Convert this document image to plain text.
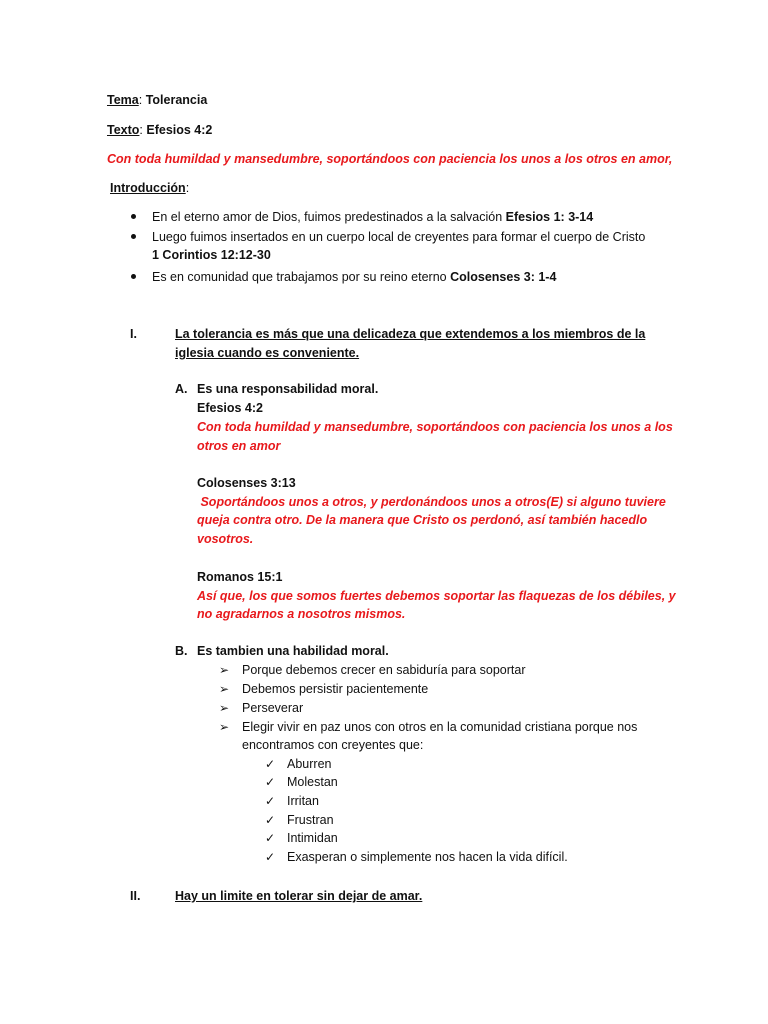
Tema: Tolerancia
Texto: Efesios 4:2
Con toda humildad y mansedumbre, soportándoos con paciencia los unos a los otros en amor,
Introducción:
En el eterno amor de Dios, fuimos predestinados a la salvación Efesios 1: 3-14
Luego fuimos insertados en un cuerpo local de creyentes para formar el cuerpo de Cristo
1 Corintios 12:12-30
Es en comunidad que trabajamos por su reino eterno Colosenses 3: 1-4
I.	La tolerancia es más que una delicadeza que extendemos a los miembros de la
iglesia cuando es conveniente.
A. Es una responsabilidad moral.
Efesios 4:2
Con toda humildad y mansedumbre, soportándoos con paciencia los unos a los
otros en amor
Colosenses 3:13
Soportándoos unos a otros, y perdonándoos unos a otros(E) si alguno tuviere
queja contra otro. De la manera que Cristo os perdonó, así también hacedlo
vosotros.
Romanos 15:1
Así que, los que somos fuertes debemos soportar las flaquezas de los débiles, y
no agradarnos a nosotros mismos.
B. Es tambien una habilidad moral.
➢ Porque debemos crecer en sabiduría para soportar
➢ Debemos persistir pacientemente
➢ Perseverar
➢ Elegir vivir en paz unos con otros en la comunidad cristiana porque nos
encontramos con creyentes que:
✓ Aburren
✓ Molestan
✓ Irritan
✓ Frustran
✓ Intimidan
✓ Exasperan o simplemente nos hacen la vida difícil.
II.	Hay un limite en tolerar sin dejar de amar.
